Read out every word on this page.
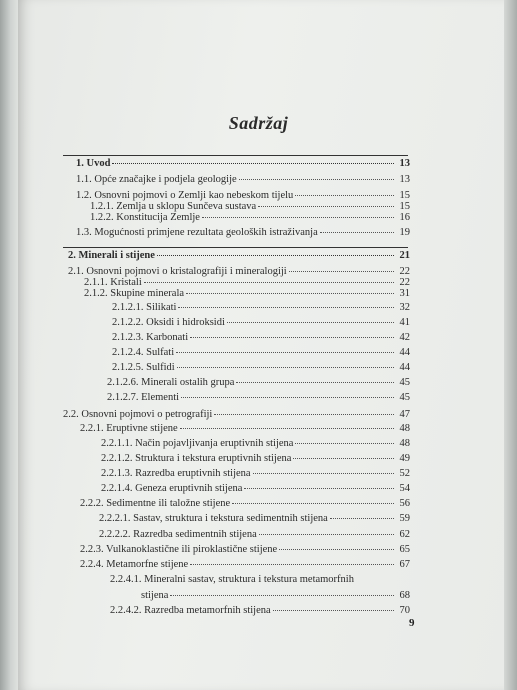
Sadržaj
1. Uvod	13
1.1. Opće značajke i podjela geologije	13
1.2. Osnovni pojmovi o Zemlji kao nebeskom tijelu	15
1.2.1. Zemlja u sklopu Sunčeva sustava	15
1.2.2. Konstitucija Zemlje	16
1.3. Mogućnosti primjene rezultata geoloških istraživanja	19
2. Minerali i stijene	21
2.1. Osnovni pojmovi o kristalografiji i mineralogiji	22
2.1.1. Kristali	22
2.1.2. Skupine minerala	31
2.1.2.1. Silikati	32
2.1.2.2. Oksidi i hidroksidi	41
2.1.2.3. Karbonati	42
2.1.2.4. Sulfati	44
2.1.2.5. Sulfidi	44
2.1.2.6. Minerali ostalih grupa	45
2.1.2.7. Elementi	45
2.2. Osnovni pojmovi o petrografiji	47
2.2.1. Eruptivne stijene	48
2.2.1.1. Način pojavljivanja eruptivnih stijena	48
2.2.1.2. Struktura i tekstura eruptivnih stijena	49
2.2.1.3. Razredba eruptivnih stijena	52
2.2.1.4. Geneza eruptivnih stijena	54
2.2.2. Sedimentne ili taložne stijene	56
2.2.2.1. Sastav, struktura i tekstura sedimentnih stijena	59
2.2.2.2. Razredba sedimentnih stijena	62
2.2.3. Vulkanoklastične ili piroklastične stijene	65
2.2.4. Metamorfne stijene	67
2.2.4.1. Mineralni sastav, struktura i tekstura metamorfnih
stijena	68
2.2.4.2. Razredba metamorfnih stijena	70
9
